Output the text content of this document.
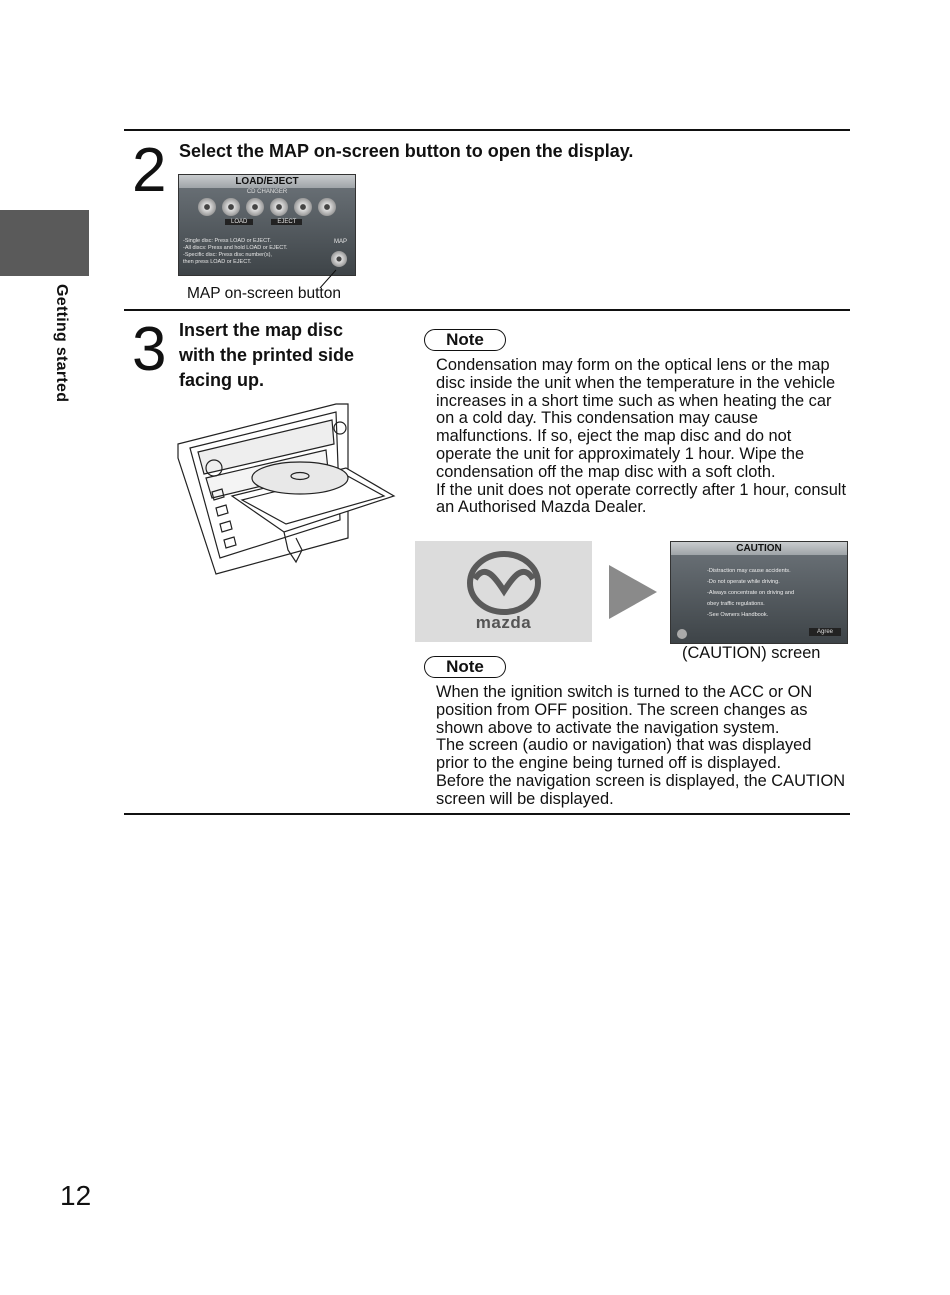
Getting started
2 Select the MAP on-screen button to open the display.
LOAD/EJECT
CD CHANGER
LOAD	EJECT
-Single disc: Press LOAD or EJECT.
-All discs: Press and hold LOAD or EJECT.
-Specific disc: Press disc number(s),
then press LOAD or EJECT.
MAP
MAP on-screen button
3 Insert the map disc
with the printed side
facing up.
Note

Condensation may form on the optical lens or the map disc inside the unit when the temperature in the vehicle increases in a short time such as when heating the car on a cold day. This condensation may cause malfunctions. If so, eject the map disc and do not operate the unit for approximately 1 hour. Wipe the condensation off the map disc with a soft cloth.

If the unit does not operate correctly after 1 hour, consult an Authorised Mazda Dealer.

mazda
CAUTION
-Distraction may cause accidents.
-Do not operate while driving.
-Always concentrate on driving and
obey traffic regulations.
-See Owners Handbook.
Agree
(CAUTION) screen
Note

When the ignition switch is turned to the ACC or ON position from OFF position. The screen changes as shown above to activate the navigation system.

The screen (audio or navigation) that was displayed prior to the engine being turned off is displayed.

Before the navigation screen is displayed, the CAUTION screen will be displayed.

12
